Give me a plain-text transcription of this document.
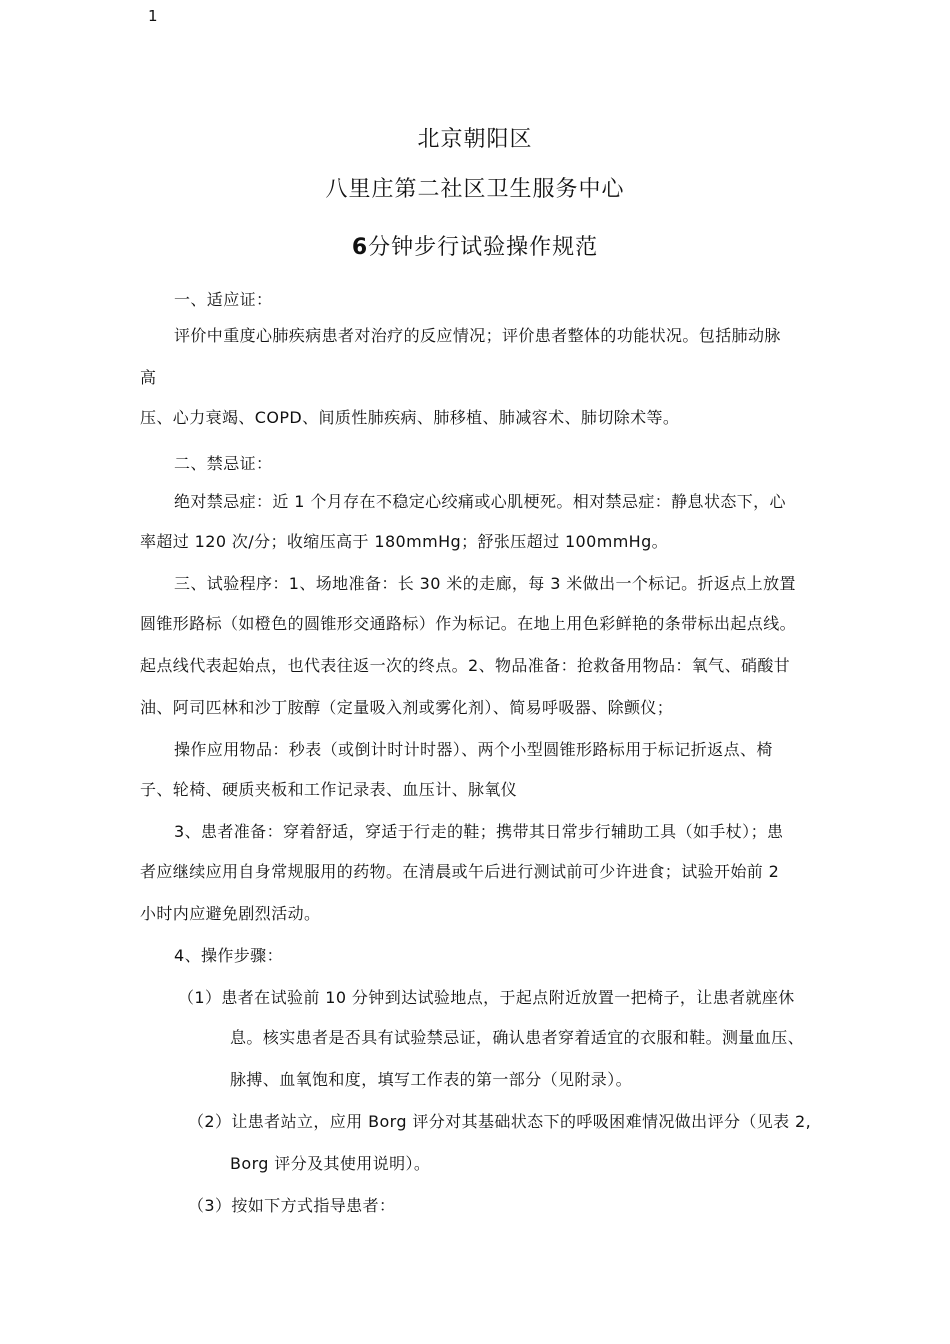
1
北京朝阳区
八里庄第二社区卫生服务中心
6分钟步行试验操作规范
一、适应证：
评价中重度心肺疾病患者对治疗的反应情况；评价患者整体的功能状况。包括肺动脉
高
压、心力衰竭、COPD、间质性肺疾病、肺移植、肺减容术、肺切除术等。
二、禁忌证：
绝对禁忌症：近 1 个月存在不稳定心绞痛或心肌梗死。相对禁忌症：静息状态下，心
率超过 120 次/分；收缩压高于 180mmHg；舒张压超过 100mmHg。
三、试验程序：1、场地准备：长 30 米的走廊，每 3 米做出一个标记。折返点上放置
圆锥形路标（如橙色的圆锥形交通路标）作为标记。在地上用色彩鲜艳的条带标出起点线。
起点线代表起始点，也代表往返一次的终点。2、物品准备：抢救备用物品：氧气、硝酸甘
油、阿司匹林和沙丁胺醇（定量吸入剂或雾化剂）、简易呼吸器、除颤仪；
操作应用物品：秒表（或倒计时计时器）、两个小型圆锥形路标用于标记折返点、椅
子、轮椅、硬质夹板和工作记录表、血压计、脉氧仪
3、患者准备：穿着舒适，穿适于行走的鞋；携带其日常步行辅助工具（如手杖）；患
者应继续应用自身常规服用的药物。在清晨或午后进行测试前可少许进食；试验开始前 2
小时内应避免剧烈活动。
4、操作步骤：
（1）患者在试验前 10 分钟到达试验地点，于起点附近放置一把椅子，让患者就座休
息。核实患者是否具有试验禁忌证，确认患者穿着适宜的衣服和鞋。测量血压、
脉搏、血氧饱和度，填写工作表的第一部分（见附录）。
（2）让患者站立，应用 Borg 评分对其基础状态下的呼吸困难情况做出评分（见表 2,
Borg 评分及其使用说明）。
（3）按如下方式指导患者：
